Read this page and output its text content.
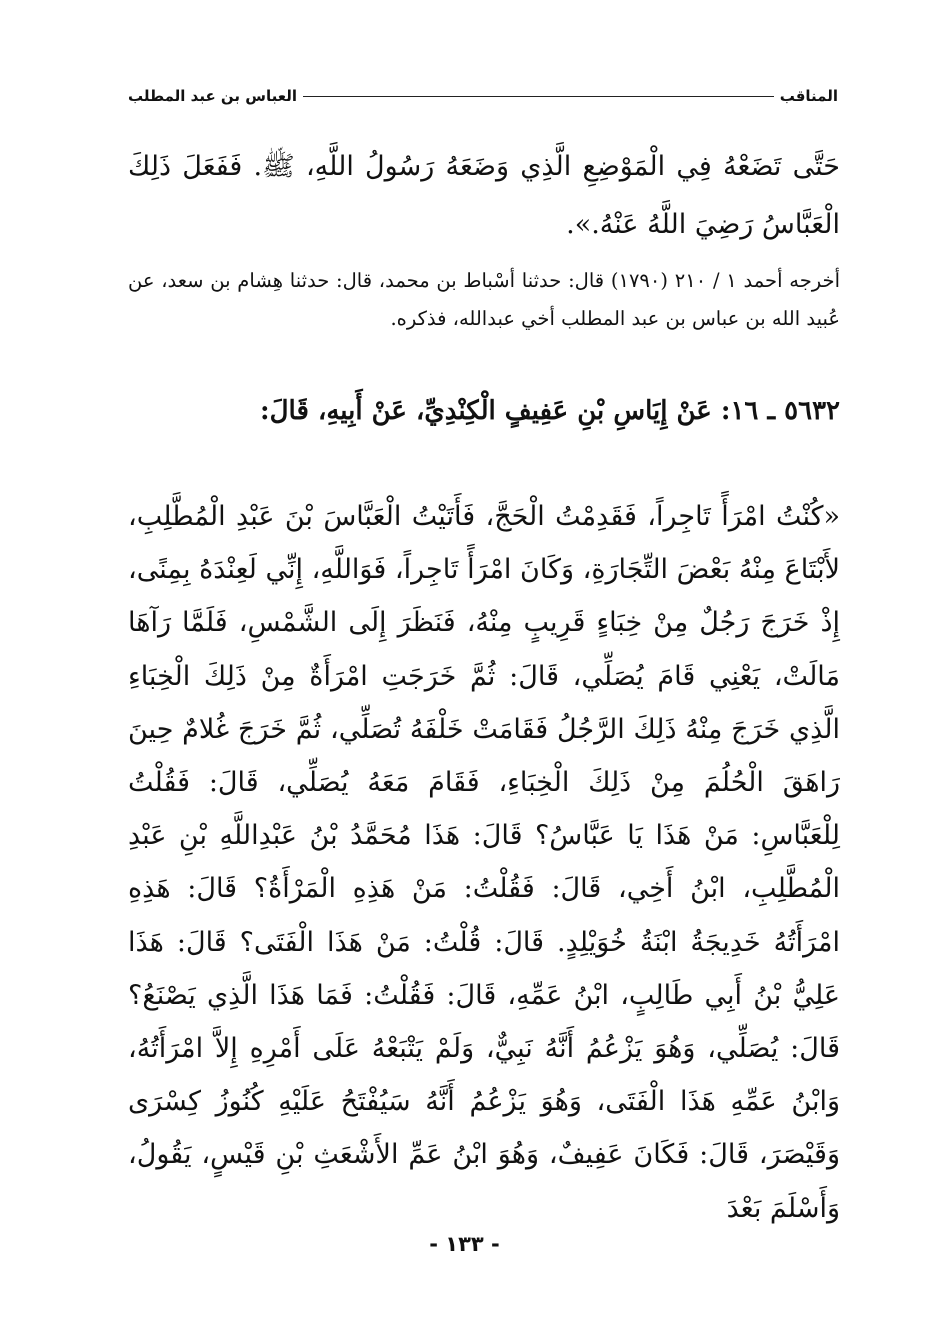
المناقب
العباس بن عبد المطلب
حَتَّى تَضَعْهُ فِي الْمَوْضِعِ الَّذِي وَضَعَهُ رَسُولُ اللَّهِ، ﷺ. فَفَعَلَ ذَلِكَ الْعَبَّاسُ رَضِيَ اللَّهُ عَنْهُ.».
أخرجه أحمد ١ / ٢١٠ (١٧٩٠) قال: حدثنا أسْباط بن محمد، قال: حدثنا هِشام بن سعد، عن عُبيد الله بن عباس بن عبد المطلب أخي عبدالله، فذكره.
٥٦٣٢ ـ ١٦: عَنْ إِيَاسِ بْنِ عَفِيفٍ الْكِنْدِيِّ، عَنْ أَبِيهِ، قَالَ:
«كُنْتُ امْرَأً تَاجِراً، فَقَدِمْتُ الْحَجَّ، فَأَتَيْتُ الْعَبَّاسَ بْنَ عَبْدِ الْمُطَّلِبِ، لأَبْتَاعَ مِنْهُ بَعْضَ التِّجَارَةِ، وَكَانَ امْرَأً تَاجِراً، فَوَاللَّهِ، إِنِّي لَعِنْدَهُ بِمِنًى، إِذْ خَرَجَ رَجُلٌ مِنْ خِبَاءٍ قَرِيبٍ مِنْهُ، فَنَظَرَ إِلَى الشَّمْسِ، فَلَمَّا رَآهَا مَالَتْ، يَعْنِي قَامَ يُصَلِّي، قَالَ: ثُمَّ خَرَجَتِ امْرَأَةٌ مِنْ ذَلِكَ الْخِبَاءِ الَّذِي خَرَجَ مِنْهُ ذَلِكَ الرَّجُلُ فَقَامَتْ خَلْفَهُ تُصَلِّي، ثُمَّ خَرَجَ غُلامٌ حِينَ رَاهَقَ الْحُلُمَ مِنْ ذَلِكَ الْخِبَاءِ، فَقَامَ مَعَهُ يُصَلِّي، قَالَ: فَقُلْتُ لِلْعَبَّاسِ: مَنْ هَذَا يَا عَبَّاسُ؟ قَالَ: هَذَا مُحَمَّدُ بْنُ عَبْدِاللَّهِ بْنِ عَبْدِ الْمُطَّلِبِ، ابْنُ أَخِي، قَالَ: فَقُلْتُ: مَنْ هَذِهِ الْمَرْأَةُ؟ قَالَ: هَذِهِ امْرَأَتُهُ خَدِيجَةُ ابْنَةُ خُوَيْلِدٍ. قَالَ: قُلْتُ: مَنْ هَذَا الْفَتَى؟ قَالَ: هَذَا عَلِيُّ بْنُ أَبِي طَالِبٍ، ابْنُ عَمِّهِ، قَالَ: فَقُلْتُ: فَمَا هَذَا الَّذِي يَصْنَعُ؟ قَالَ: يُصَلِّي، وَهُوَ يَزْعُمُ أَنَّهُ نَبِيٌّ، وَلَمْ يَتْبَعْهُ عَلَى أَمْرِهِ إِلاَّ امْرَأَتُهُ، وَابْنُ عَمِّهِ هَذَا الْفَتَى، وَهُوَ يَزْعُمُ أَنَّهُ سَيُفْتَحُ عَلَيْهِ كُنُوزُ كِسْرَى وَقَيْصَرَ، قَالَ: فَكَانَ عَفِيفٌ، وَهُوَ ابْنُ عَمِّ الأَشْعَثِ بْنِ قَيْسٍ، يَقُولُ، وَأَسْلَمَ بَعْدَ
- ١٣٣ -
